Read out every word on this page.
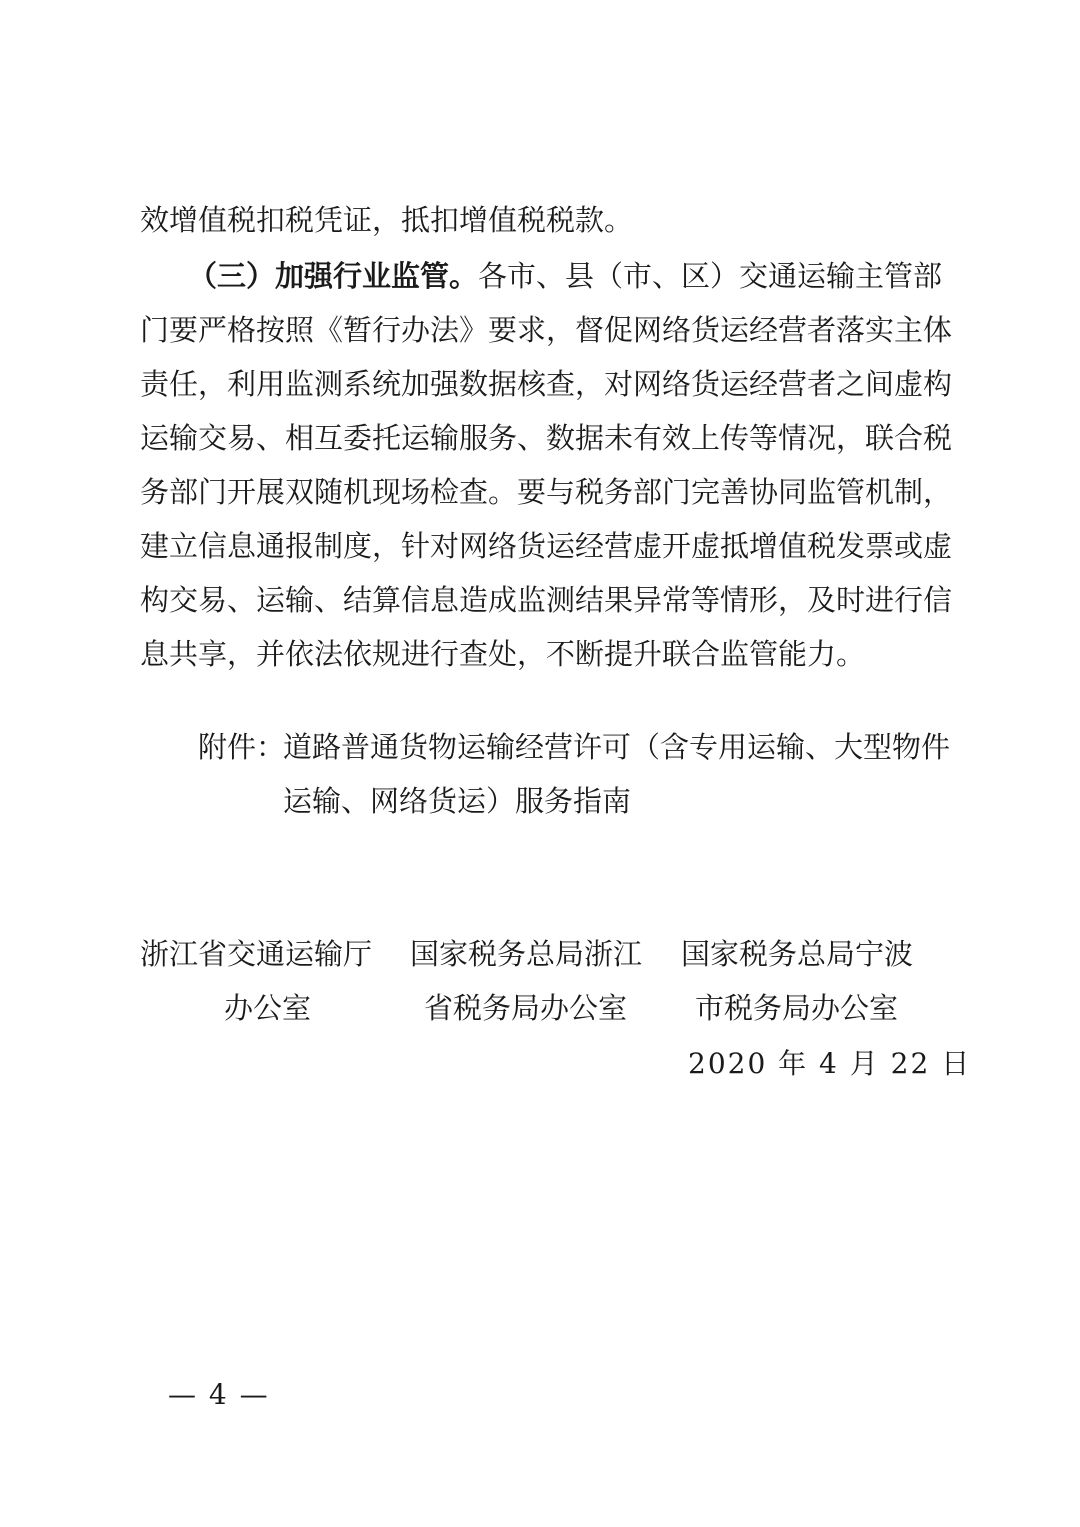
效增值税扣税凭证，抵扣增值税税款。
（三）加强行业监管。各市、县（市、区）交通运输主管部
门要严格按照《暂行办法》要求，督促网络货运经营者落实主体
责任，利用监测系统加强数据核查，对网络货运经营者之间虚构
运输交易、相互委托运输服务、数据未有效上传等情况，联合税
务部门开展双随机现场检查。要与税务部门完善协同监管机制，
建立信息通报制度，针对网络货运经营虚开虚抵增值税发票或虚
构交易、运输、结算信息造成监测结果异常等情形，及时进行信
息共享，并依法依规进行查处，不断提升联合监管能力。
附件：
道路普通货物运输经营许可（含专用运输、大型物件
运输、网络货运）服务指南
浙江省交通运输厅
办公室
国家税务总局浙江
省税务局办公室
国家税务总局宁波
市税务局办公室
2020 年 4 月 22 日
— 4 —
